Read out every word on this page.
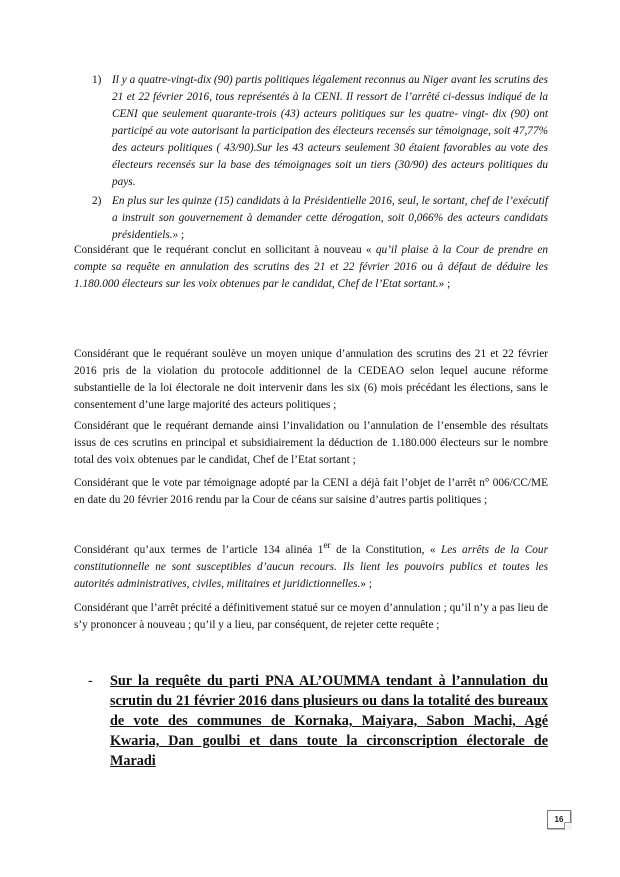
1) Il y a quatre-vingt-dix (90) partis politiques légalement reconnus au Niger avant les scrutins des 21 et 22 février 2016, tous représentés à la CENI. Il ressort de l’arrêté ci-dessus indiqué de la CENI que seulement quarante-trois (43) acteurs politiques sur les quatre- vingt- dix (90) ont participé au vote autorisant la participation des électeurs recensés sur témoignage, soit 47,77% des acteurs politiques ( 43/90).Sur les 43 acteurs seulement 30 étaient favorables au vote des électeurs recensés sur la base des témoignages soit un tiers (30/90) des acteurs politiques du pays.
2) En plus sur les quinze (15) candidats à la Présidentielle 2016, seul, le sortant, chef de l’exécutif a instruit son gouvernement à demander cette dérogation, soit 0,066% des acteurs candidats présidentiels.» ;

Considérant que le requérant conclut en sollicitant à nouveau « qu’il plaise à la Cour de prendre en compte sa requête en annulation des scrutins des 21 et 22 février 2016 ou à défaut de déduire les 1.180.000 électeurs sur les voix obtenues par le candidat, Chef de l’Etat sortant.» ;

Considérant que le requérant soulève un moyen unique d’annulation des scrutins des 21 et 22 février 2016 pris de la violation du protocole additionnel de la CEDEAO selon lequel aucune réforme substantielle de la loi électorale ne doit intervenir dans les six (6) mois précédant les élections, sans le consentement d’une large majorité des acteurs politiques ;

Considérant que le requérant demande ainsi l’invalidation ou l’annulation de l’ensemble des résultats issus de ces scrutins en principal et subsidiairement la déduction de 1.180.000 électeurs sur le nombre total des voix obtenues par le candidat, Chef de l’Etat sortant ;

Considérant que le vote par témoignage adopté par la CENI a déjà fait l’objet de l’arrêt n° 006/CC/ME en date du 20 février 2016 rendu par la Cour de céans sur saisine d’autres partis politiques ;

Considérant qu’aux termes de l’article 134 alinéa 1er de la Constitution, « Les arrêts de la Cour constitutionnelle ne sont susceptibles d’aucun recours. Ils lient les pouvoirs publics et toutes les autorités administratives, civiles, militaires et juridictionnelles.» ;

Considérant que l’arrêt précité a définitivement statué sur ce moyen d’annulation ; qu’il n’y a pas lieu de s’y prononcer à nouveau ; qu’il y a lieu, par conséquent, de rejeter cette requête ;

- Sur la requête du parti PNA AL’OUMMA tendant à l’annulation du scrutin du 21 février 2016 dans plusieurs ou dans la totalité des bureaux de vote des communes de Kornaka, Maiyara, Sabon Machi, Agé Kwaria, Dan goulbi et dans toute la circonscription électorale de Maradi

16
